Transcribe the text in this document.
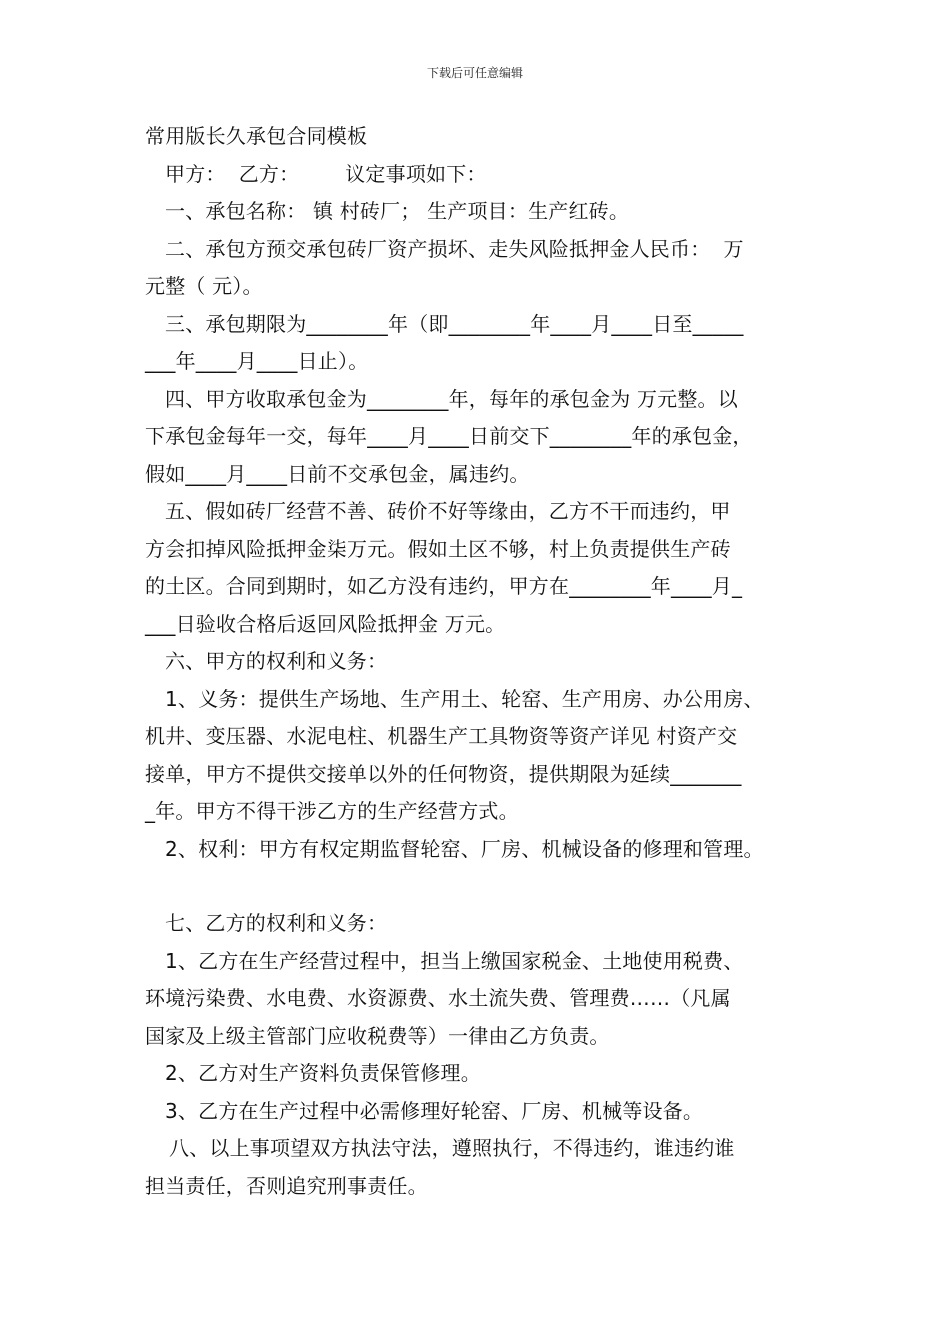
下载后可任意编辑
常用版长久承包合同模板
甲方：  乙方：       议定事项如下：
一、承包名称： 镇 村砖厂； 生产项目：生产红砖。
二、承包方预交承包砖厂资产损坏、走失风险抵押金人民币：  万
元整（ 元）。
三、承包期限为________年（即________年____月____日至_____
___年____月____日止）。
四、甲方收取承包金为________年，每年的承包金为 万元整。以
下承包金每年一交，每年____月____日前交下________年的承包金，
假如____月____日前不交承包金，属违约。
五、假如砖厂经营不善、砖价不好等缘由，乙方不干而违约，甲
方会扣掉风险抵押金柒万元。假如土区不够，村上负责提供生产砖
的土区。合同到期时，如乙方没有违约，甲方在________年____月_
___日验收合格后返回风险抵押金 万元。
六、甲方的权利和义务：
1、义务：提供生产场地、生产用土、轮窑、生产用房、办公用房、
机井、变压器、水泥电柱、机器生产工具物资等资产详见 村资产交
接单，甲方不提供交接单以外的任何物资，提供期限为延续_______
_年。甲方不得干涉乙方的生产经营方式。
2、权利：甲方有权定期监督轮窑、厂房、机械设备的修理和管理。
七、乙方的权利和义务：
1、乙方在生产经营过程中，担当上缴国家税金、土地使用税费、
环境污染费、水电费、水资源费、水土流失费、管理费……（凡属
国家及上级主管部门应收税费等）一律由乙方负责。
2、乙方对生产资料负责保管修理。
3、乙方在生产过程中必需修理好轮窑、厂房、机械等设备。
八、以上事项望双方执法守法，遵照执行，不得违约，谁违约谁
担当责任，否则追究刑事责任。
